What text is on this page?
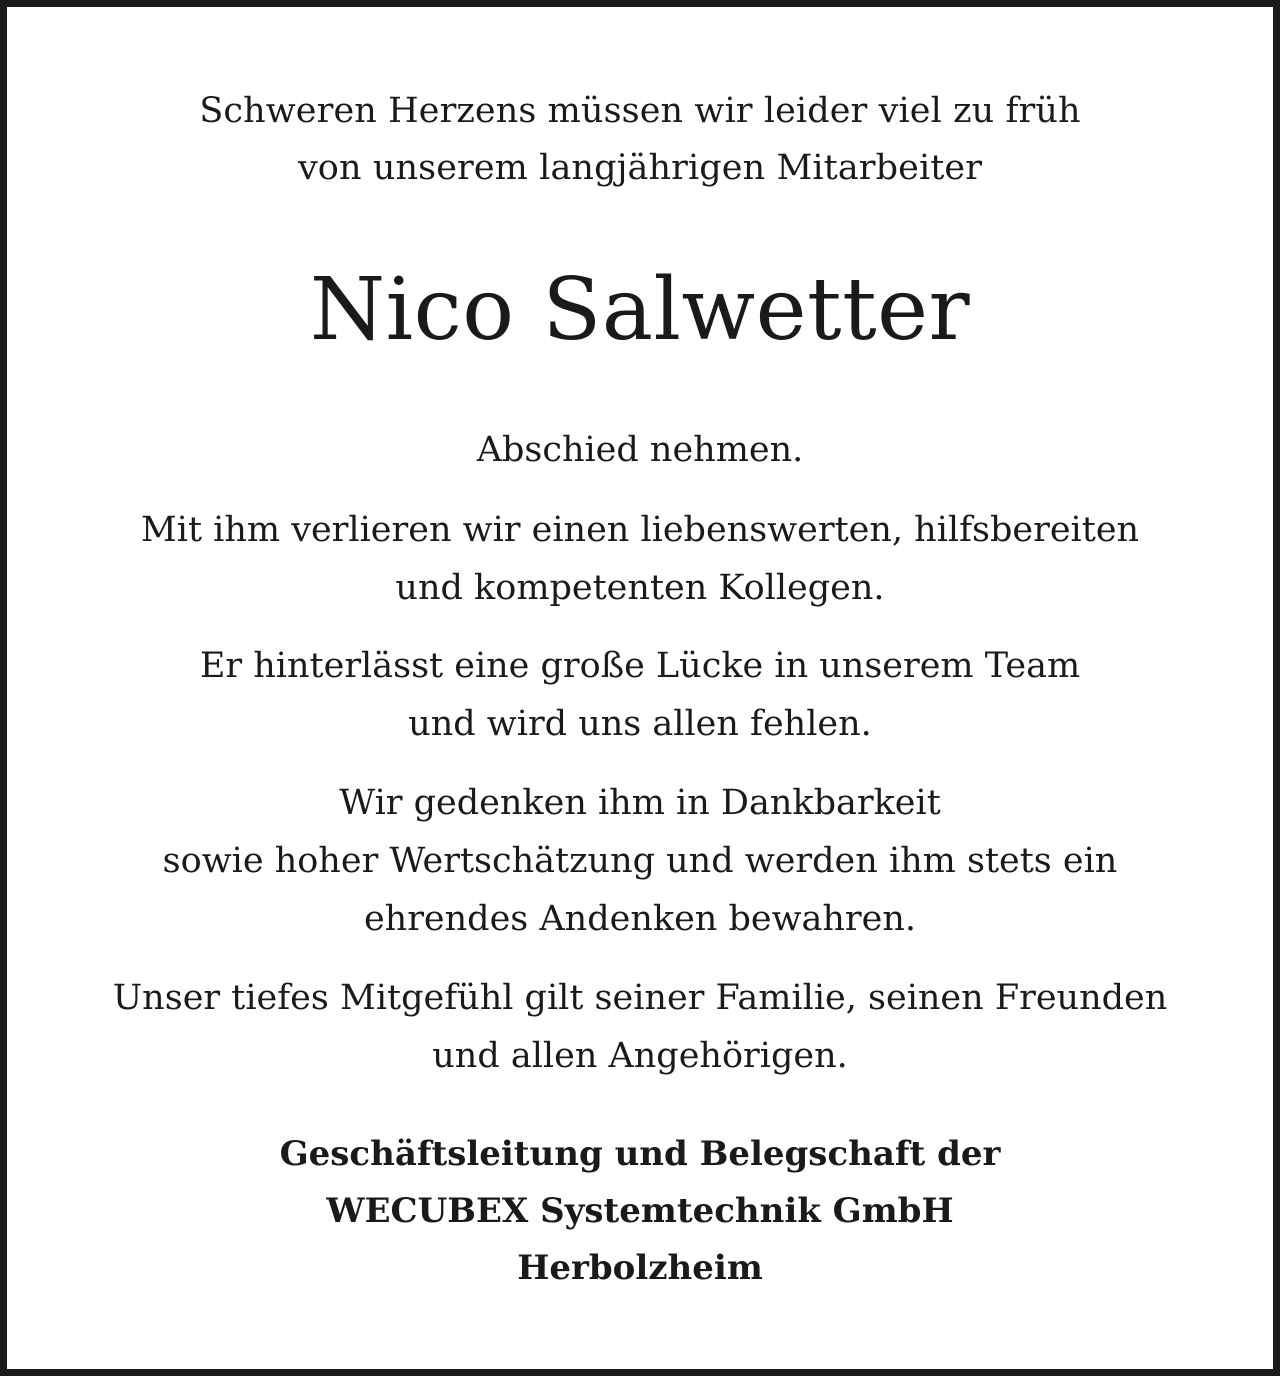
Schweren Herzens müssen wir leider viel zu früh
von unserem langjährigen Mitarbeiter
Nico Salwetter
Abschied nehmen.
Mit ihm verlieren wir einen liebenswerten, hilfsbereiten
und kompetenten Kollegen.
Er hinterlässt eine große Lücke in unserem Team
und wird uns allen fehlen.
Wir gedenken ihm in Dankbarkeit
sowie hoher Wertschätzung und werden ihm stets ein
ehrendes Andenken bewahren.
Unser tiefes Mitgefühl gilt seiner Familie, seinen Freunden
und allen Angehörigen.
Geschäftsleitung und Belegschaft der
WECUBEX Systemtechnik GmbH
Herbolzheim
